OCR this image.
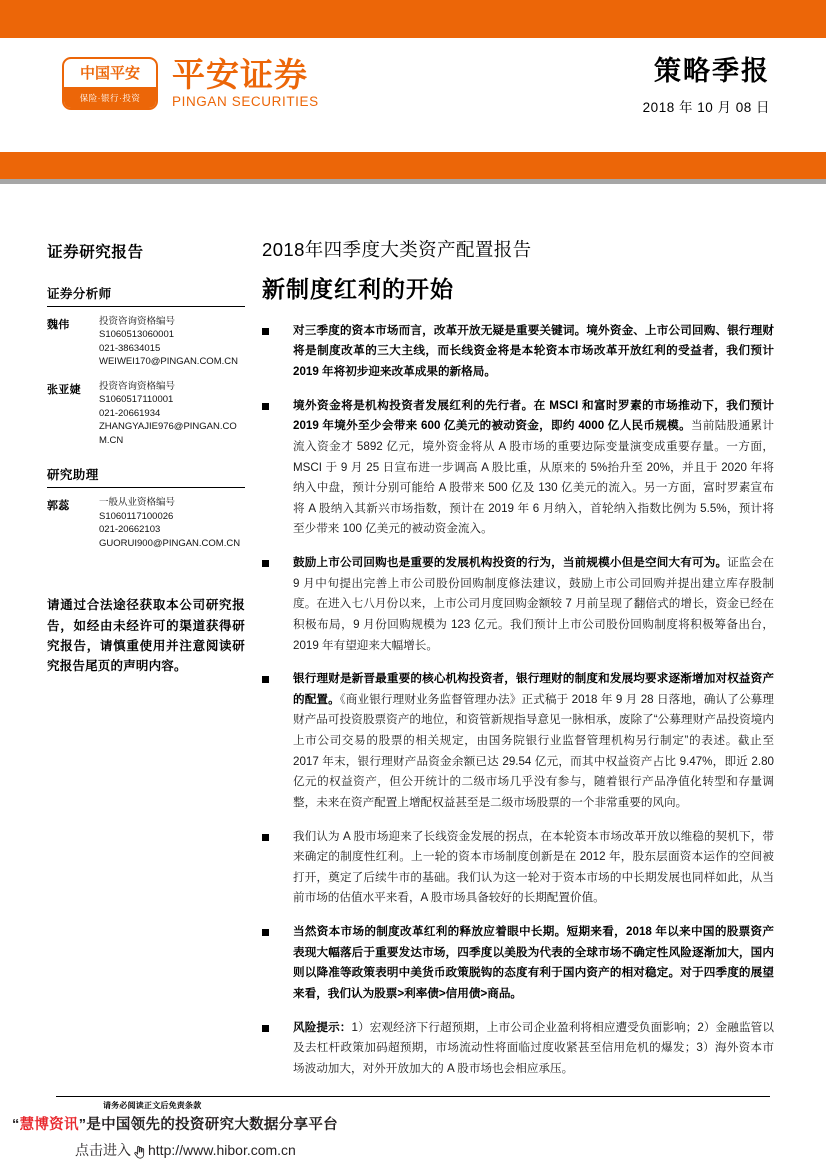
中国平安
保险·银行·投资
平安证券
PINGAN SECURITIES
策略季报
2018 年 10 月 08 日
证券研究报告
证券分析师
魏伟	投资咨询资格编号
S1060513060001
021-38634015
WEIWEI170@PINGAN.COM.CN
张亚婕	投资咨询资格编号
S1060517110001
021-20661934
ZHANGYAJIE976@PINGAN.COM.CN
研究助理
郭蕊	一般从业资格编号
S1060117100026
021-20662103
GUORUI900@PINGAN.COM.CN
请通过合法途径获取本公司研究报告，如经由未经许可的渠道获得研究报告，请慎重使用并注意阅读研究报告尾页的声明内容。
2018年四季度大类资产配置报告
新制度红利的开始
对三季度的资本市场而言，改革开放无疑是重要关键词。境外资金、上市公司回购、银行理财将是制度改革的三大主线，而长线资金将是本轮资本市场改革开放红利的受益者，我们预计 2019 年将初步迎来改革成果的新格局。
境外资金将是机构投资者发展红利的先行者。在 MSCI 和富时罗素的市场推动下，我们预计 2019 年境外至少会带来 600 亿美元的被动资金，即约 4000 亿人民币规模。当前陆股通累计流入资金才 5892 亿元，境外资金将从 A 股市场的重要边际变量演变成重要存量。一方面，MSCI 于 9 月 25 日宣布进一步调高 A 股比重，从原来的 5%抬升至 20%，并且于 2020 年将纳入中盘，预计分别可能给 A 股带来 500 亿及 130 亿美元的流入。另一方面，富时罗素宣布将 A 股纳入其新兴市场指数，预计在 2019 年 6 月纳入，首轮纳入指数比例为 5.5%，预计将至少带来 100 亿美元的被动资金流入。
鼓励上市公司回购也是重要的发展机构投资的行为，当前规模小但是空间大有可为。证监会在 9 月中旬提出完善上市公司股份回购制度修法建议，鼓励上市公司回购并提出建立库存股制度。在进入七八月份以来，上市公司月度回购金额较 7 月前呈现了翻倍式的增长，资金已经在积极布局，9 月份回购规模为 123 亿元。我们预计上市公司股份回购制度将积极筹备出台，2019 年有望迎来大幅增长。
银行理财是新晋最重要的核心机构投资者，银行理财的制度和发展均要求逐渐增加对权益资产的配置。《商业银行理财业务监督管理办法》正式稿于 2018 年 9 月 28 日落地，确认了公募理财产品可投资股票资产的地位，和资管新规指导意见一脉相承，废除了“公募理财产品投资境内上市公司交易的股票的相关规定，由国务院银行业监督管理机构另行制定”的表述。截止至 2017 年末，银行理财产品资金余额已达 29.54 亿元，而其中权益资产占比 9.47%，即近 2.80 亿元的权益资产，但公开统计的二级市场几乎没有参与，随着银行产品净值化转型和存量调整，未来在资产配置上增配权益甚至是二级市场股票的一个非常重要的风向。
我们认为 A 股市场迎来了长线资金发展的拐点，在本轮资本市场改革开放以维稳的契机下，带来确定的制度性红利。上一轮的资本市场制度创新是在 2012 年，股东层面资本运作的空间被打开，奠定了后续牛市的基础。我们认为这一轮对于资本市场的中长期发展也同样如此，从当前市场的估值水平来看，A 股市场具备较好的长期配置价值。
当然资本市场的制度改革红利的释放应着眼中长期。短期来看，2018 年以来中国的股票资产表现大幅落后于重要发达市场，四季度以美股为代表的全球市场不确定性风险逐渐加大，国内则以降准等政策表明中美货币政策脱钩的态度有利于国内资产的相对稳定。对于四季度的展望来看，我们认为股票>利率债>信用债>商品。
风险提示：1）宏观经济下行超预期，上市公司企业盈利将相应遭受负面影响；2）金融监管以及去杠杆政策加码超预期，市场流动性将面临过度收紧甚至信用危机的爆发；3）海外资本市场波动加大，对外开放加大的 A 股市场也会相应承压。
请务必阅读正文后免责条款
“慧博资讯”是中国领先的投资研究大数据分享平台
点击进入 http://www.hibor.com.cn
